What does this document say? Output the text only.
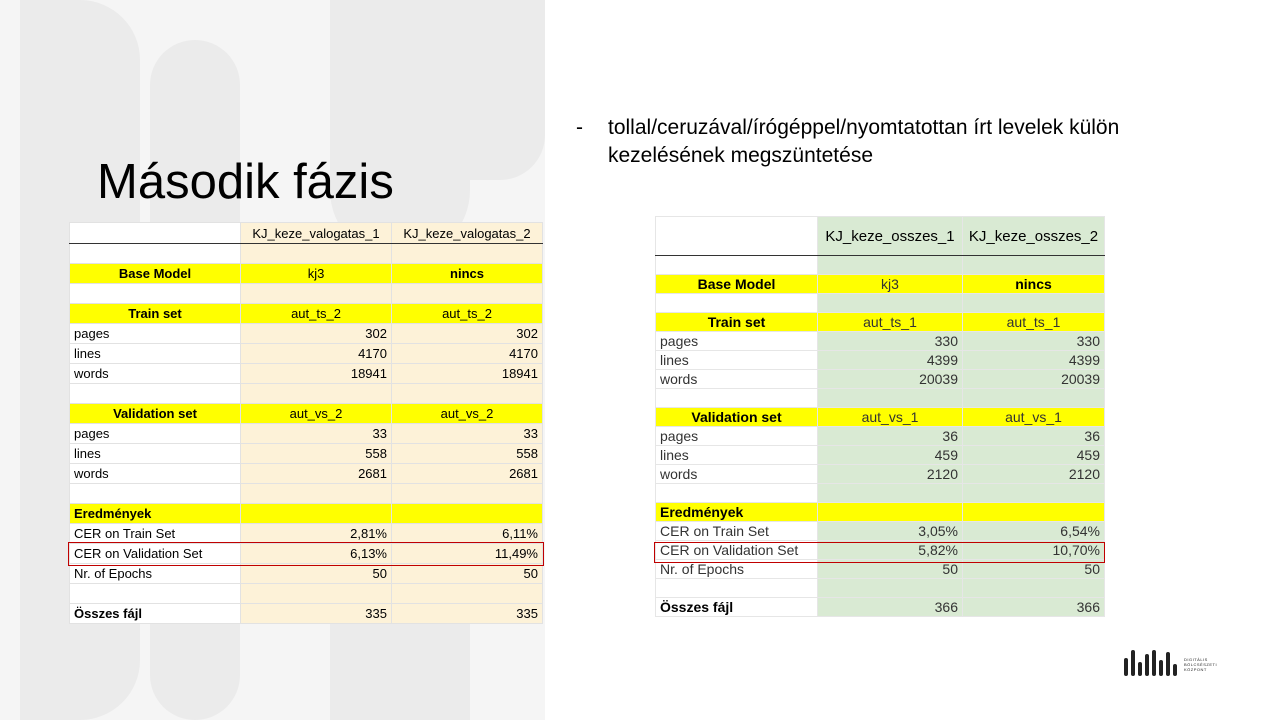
Második fázis
- tollal/ceruzával/írógéppel/nyomtatottan írt levelek külön kezelésének megszüntetése
	KJ_keze_valogatas_1	KJ_keze_valogatas_2

Base Model	kj3	nincs

Train set	aut_ts_2	aut_ts_2
pages	302	302
lines	4170	4170
words	18941	18941

Validation set	aut_vs_2	aut_vs_2
pages	33	33
lines	558	558
words	2681	2681

Eredmények		
CER on Train Set	2,81%	6,11%
CER on Validation Set	6,13%	11,49%
Nr. of Epochs	50	50

Összes fájl	335	335
	KJ_keze_osszes_1	KJ_keze_osszes_2

Base Model	kj3	nincs

Train set	aut_ts_1	aut_ts_1
pages	330	330
lines	4399	4399
words	20039	20039

Validation set	aut_vs_1	aut_vs_1
pages	36	36
lines	459	459
words	2120	2120

Eredmények		
CER on Train Set	3,05%	6,54%
CER on Validation Set	5,82%	10,70%
Nr. of Epochs	50	50

Összes fájl	366	366
DIGITÁLIS BÖLCSÉSZETI KÖZPONT
